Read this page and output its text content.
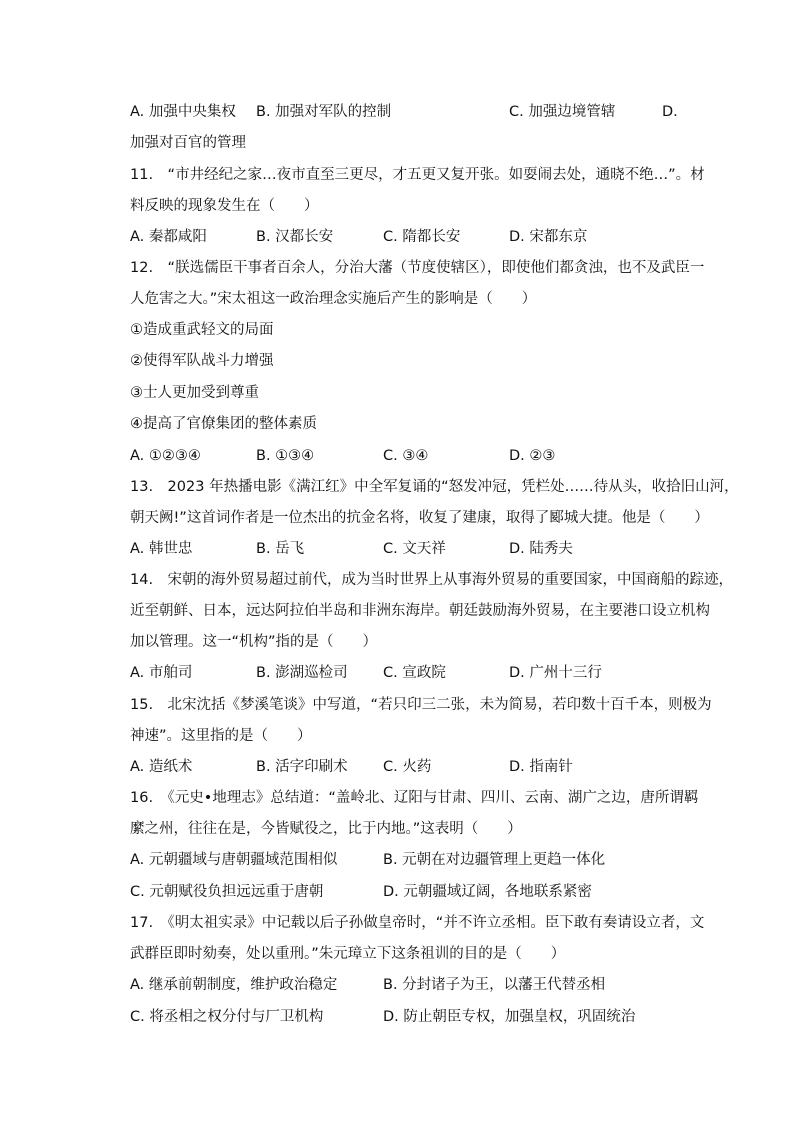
A. 加强中央集权 B. 加强对军队的控制	C. 加强边境管辖	D.
加强对百官的管理
11.　“市井经纪之家…夜市直至三更尽，才五更又复开张。如耍闹去处，通晓不绝…”。材
料反映的现象发生在（　　）
A. 秦都咸阳	B. 汉都长安	C. 隋都长安	D. 宋都东京
12.　“朕选儒臣干事者百余人，分治大藩（节度使辖区），即使他们都贪浊，也不及武臣一
人危害之大。”宋太祖这一政治理念实施后产生的影响是（　　）
①造成重武轻文的局面
②使得军队战斗力增强
③士人更加受到尊重
④提高了官僚集团的整体素质
A. ①②③④	B. ①③④	C. ③④	D. ②③
13.　2023 年热播电影《满江红》中全军复诵的“怒发冲冠，凭栏处……待从头，收拾旧山河，
朝天阙!”这首词作者是一位杰出的抗金名将，收复了建康，取得了郾城大捷。他是（　　）
A. 韩世忠	B. 岳飞	C. 文天祥	D. 陆秀夫
14.　宋朝的海外贸易超过前代，成为当时世界上从事海外贸易的重要国家，中国商船的踪迹，
近至朝鲜、日本，远达阿拉伯半岛和非洲东海岸。朝廷鼓励海外贸易，在主要港口设立机构
加以管理。这一“机构”指的是（　　）
A. 市舶司	B. 澎湖巡检司 C. 宣政院	D. 广州十三行
15.　北宋沈括《梦溪笔谈》中写道，“若只印三二张，未为简易，若印数十百千本，则极为
神速”。这里指的是（　　）
A. 造纸术	B. 活字印刷术 C. 火药	D. 指南针
16.　《元史•地理志》总结道：“盖岭北、辽阳与甘肃、四川、云南、湖广之边，唐所谓羁
縻之州，往往在是，今皆赋役之，比于内地。”这表明（　　）
A. 元朝疆域与唐朝疆域范围相似	B. 元朝在对边疆管理上更趋一体化
C. 元朝赋役负担远远重于唐朝	D. 元朝疆域辽阔，各地联系紧密
17.　《明太祖实录》中记载以后子孙做皇帝时，“并不许立丞相。臣下敢有奏请设立者，文
武群臣即时劾奏，处以重刑。”朱元璋立下这条祖训的目的是（　　）
A. 继承前朝制度，维护政治稳定	B. 分封诸子为王，以藩王代替丞相
C. 将丞相之权分付与厂卫机构	D. 防止朝臣专权，加强皇权，巩固统治
